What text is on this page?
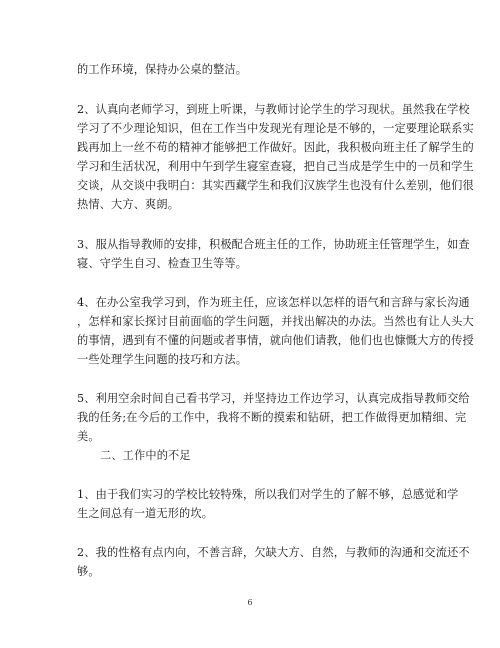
的工作环境，保持办公桌的整洁。
2、认真向老师学习，到班上听课，与教师讨论学生的学习现状。虽然我在学校
学习了不少理论知识，但在工作当中发现光有理论是不够的，一定要理论联系实
践再加上一丝不苟的精神才能够把工作做好。因此，我积极向班主任了解学生的
学习和生活状况，利用中午到学生寝室查寝，把自己当成是学生中的一员和学生
交谈，从交谈中我明白：其实西藏学生和我们汉族学生也没有什么差别，他们很
热情、大方、爽朗。
3、服从指导教师的安排，积极配合班主任的工作，协助班主任管理学生，如查
寝、守学生自习、检查卫生等等。
4、在办公室我学习到，作为班主任，应该怎样以怎样的语气和言辞与家长沟通
，怎样和家长探讨目前面临的学生问题，并找出解决的办法。当然也有让人头大
的事情，遇到有不懂的问题或者事情，就向他们请教，他们也也慷慨大方的传授
一些处理学生问题的技巧和方法。
5、利用空余时间自己看书学习，并坚持边工作边学习，认真完成指导教师交给
我的任务;在今后的工作中，我将不断的摸索和钻研，把工作做得更加精细、完
美。
二、工作中的不足
1、由于我们实习的学校比较特殊，所以我们对学生的了解不够，总感觉和学
生之间总有一道无形的坎。
2、我的性格有点内向，不善言辞，欠缺大方、自然，与教师的沟通和交流还不
够。
6
